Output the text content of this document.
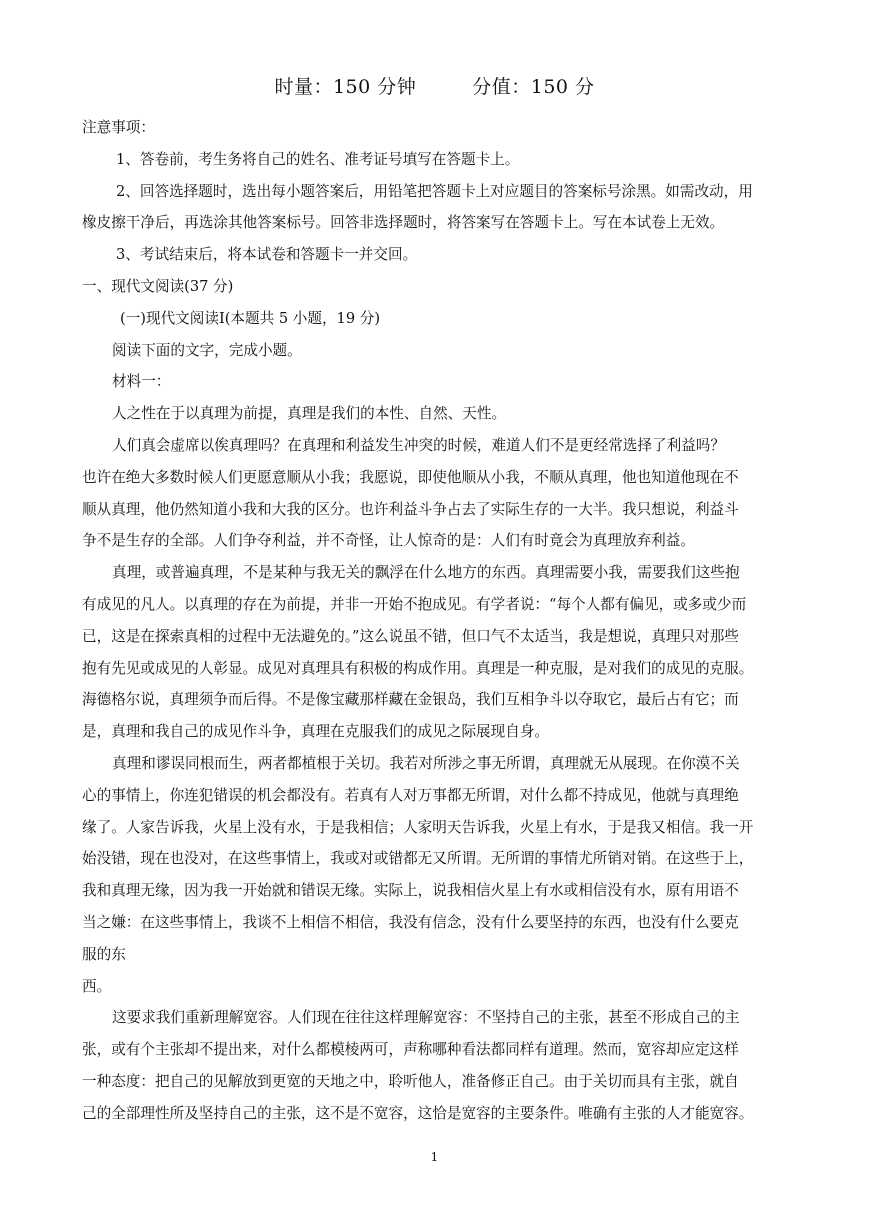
时量：150 分钟	分值：150 分
注意事项：
1、答卷前，考生务将自己的姓名、准考证号填写在答题卡上。
2、回答选择题时，选出每小题答案后，用铅笔把答题卡上对应题目的答案标号涂黑。如需改动，用
橡皮擦干净后，再选涂其他答案标号。回答非选择题时，将答案写在答题卡上。写在本试卷上无效。
3、考试结束后，将本试卷和答题卡一并交回。
一、现代文阅读(37 分)
(一)现代文阅读I(本题共 5 小题，19 分)
阅读下面的文字，完成小题。
材料一：
人之性在于以真理为前提，真理是我们的本性、自然、天性。
人们真会虚席以俟真理吗？在真理和利益发生冲突的时候，难道人们不是更经常选择了利益吗？
也许在绝大多数时候人们更愿意顺从小我；我愿说，即使他顺从小我，不顺从真理，他也知道他现在不
顺从真理，他仍然知道小我和大我的区分。也许利益斗争占去了实际生存的一大半。我只想说，利益斗
争不是生存的全部。人们争夺利益，并不奇怪，让人惊奇的是：人们有时竟会为真理放弃利益。
真理，或普遍真理，不是某种与我无关的飘浮在什么地方的东西。真理需要小我，需要我们这些抱
有成见的凡人。以真理的存在为前提，并非一开始不抱成见。有学者说：“每个人都有偏见，或多或少而
已，这是在探索真相的过程中无法避免的。”这么说虽不错，但口气不太适当，我是想说，真理只对那些
抱有先见或成见的人彰显。成见对真理具有积极的构成作用。真理是一种克服，是对我们的成见的克服。
海德格尔说，真理须争而后得。不是像宝藏那样藏在金银岛，我们互相争斗以夺取它，最后占有它；而
是，真理和我自己的成见作斗争，真理在克服我们的成见之际展现自身。
真理和谬误同根而生，两者都植根于关切。我若对所涉之事无所谓，真理就无从展现。在你漠不关
心的事情上，你连犯错误的机会都没有。若真有人对万事都无所谓，对什么都不持成见，他就与真理绝
缘了。人家告诉我，火星上没有水，于是我相信；人家明天告诉我，火星上有水，于是我又相信。我一开
始没错，现在也没对，在这些事情上，我或对或错都无又所谓。无所谓的事情尤所销对销。在这些于上，
我和真理无缘，因为我一开始就和错误无缘。实际上，说我相信火星上有水或相信没有水，原有用语不
当之嫌：在这些事情上，我谈不上相信不相信，我没有信念，没有什么要坚持的东西，也没有什么要克
服的东
西。
这要求我们重新理解宽容。人们现在往往这样理解宽容：不坚持自己的主张，甚至不形成自己的主
张，或有个主张却不提出来，对什么都模棱两可，声称哪种看法都同样有道理。然而，宽容却应定这样
一种态度：把自己的见解放到更宽的天地之中，聆听他人，准备修正自己。由于关切而具有主张，就自
己的全部理性所及坚持自己的主张，这不是不宽容，这恰是宽容的主要条件。唯确有主张的人才能宽容。
1
